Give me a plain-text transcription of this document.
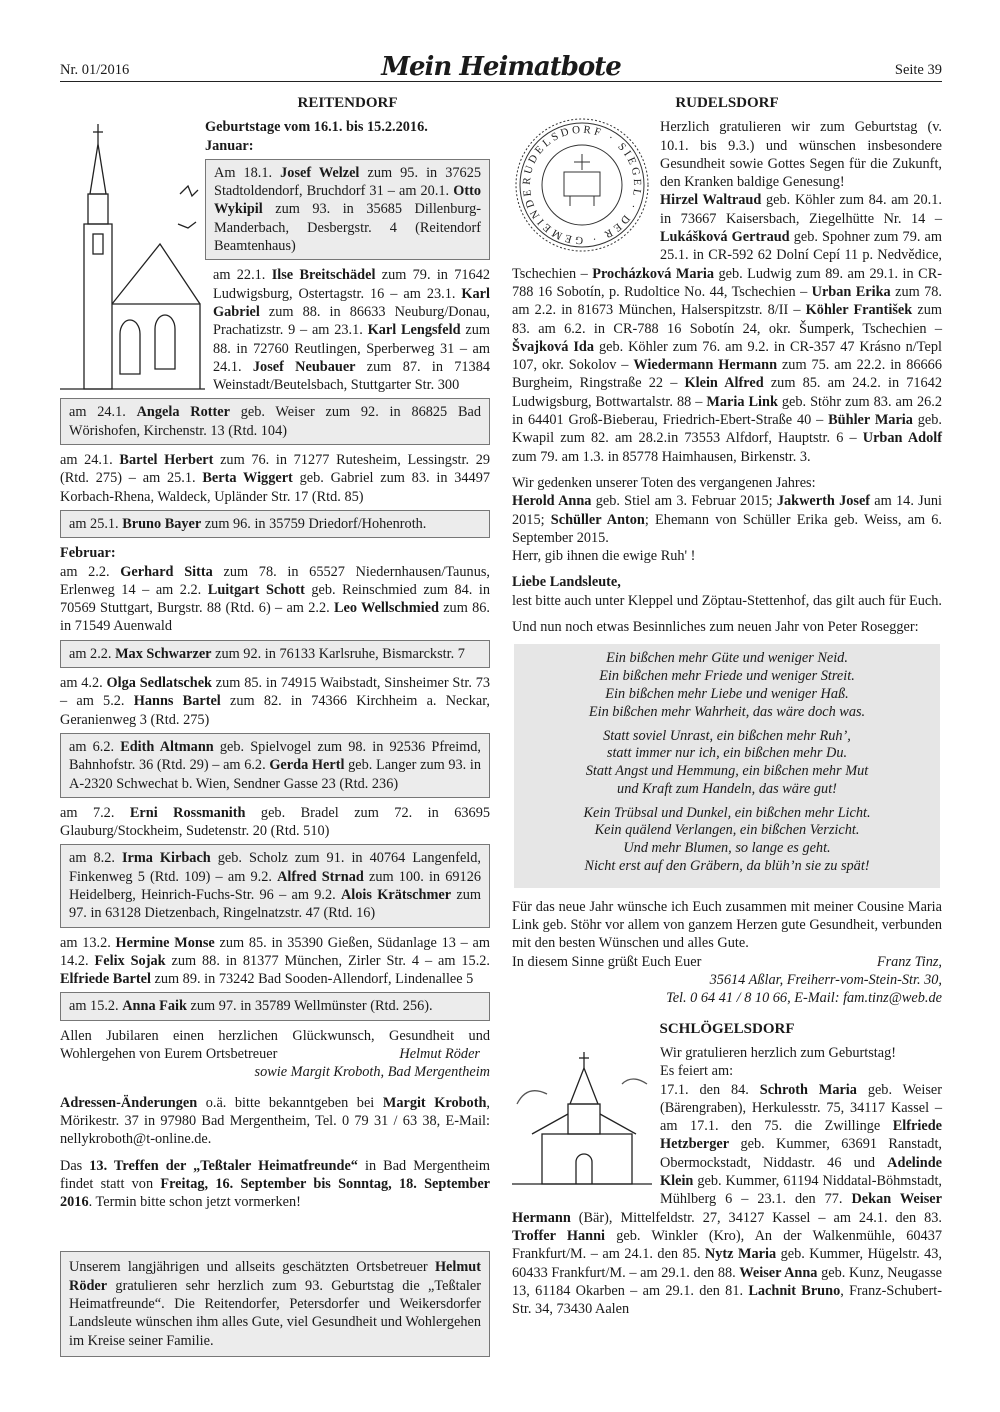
Nr. 01/2016	Mein Heimatbote	Seite 39
REITENDORF

Geburtstage vom 16.1. bis 15.2.2016.

Januar:

Am 18.1. Josef Welzel zum 95. in 37625 Stadtoldendorf, Bruchdorf 31 – am 20.1. Otto Wykipil zum 93. in 35685 Dillenburg-Manderbach, Desbergstr. 4 (Reitendorf Beamtenhaus)

am 22.1. Ilse Breitschädel zum 79. in 71642 Ludwigsburg, Ostertagstr. 16 – am 23.1. Karl Gabriel zum 88. in 86633 Neuburg/Donau, Prachatizstr. 9 – am 23.1. Karl Lengsfeld zum 88. in 72760 Reutlingen, Sperberweg 31 – am 24.1. Josef Neubauer zum 87. in 71384 Weinstadt/Beutelsbach, Stuttgarter Str. 300

am 24.1. Angela Rotter geb. Weiser zum 92. in 86825 Bad Wörishofen, Kirchenstr. 13 (Rtd. 104)

am 24.1. Bartel Herbert zum 76. in 71277 Rutesheim, Lessingstr. 29 (Rtd. 275) – am 25.1. Berta Wiggert geb. Gabriel zum 83. in 34497 Korbach-Rhena, Waldeck, Upländer Str. 17 (Rtd. 85)

am 25.1. Bruno Bayer zum 96. in 35759 Driedorf/Hohenroth.

Februar:

am 2.2. Gerhard Sitta zum 78. in 65527 Niedernhausen/Taunus, Erlenweg 14 – am 2.2. Luitgart Schott geb. Reinschmied zum 84. in 70569 Stuttgart, Burgstr. 88 (Rtd. 6) – am 2.2. Leo Wellschmied zum 86. in 71549 Auenwald

am 2.2. Max Schwarzer zum 92. in 76133 Karlsruhe, Bismarckstr. 7

am 4.2. Olga Sedlatschek zum 85. in 74915 Waibstadt, Sinsheimer Str. 73 – am 5.2. Hanns Bartel zum 82. in 74366 Kirchheim a. Neckar, Geranienweg 3 (Rtd. 275)

am 6.2. Edith Altmann geb. Spielvogel zum 98. in 92536 Pfreimd, Bahnhofstr. 36 (Rtd. 29) – am 6.2. Gerda Hertl geb. Langer zum 93. in A-2320 Schwechat b. Wien, Sendner Gasse 23 (Rtd. 236)

am 7.2. Erni Rossmanith geb. Bradel zum 72. in 63695 Glauburg/Stockheim, Sudetenstr. 20 (Rtd. 510)

am 8.2. Irma Kirbach geb. Scholz zum 91. in 40764 Langenfeld, Finkenweg 5 (Rtd. 109) – am 9.2. Alfred Strnad zum 100. in 69126 Heidelberg, Heinrich-Fuchs-Str. 96 – am 9.2. Alois Krätschmer zum 97. in 63128 Dietzenbach, Ringelnatzstr. 47 (Rtd. 16)

am 13.2. Hermine Monse zum 85. in 35390 Gießen, Südanlage 13 – am 14.2. Felix Sojak zum 88. in 81377 München, Zirler Str. 4 – am 15.2. Elfriede Bartel zum 89. in 73242 Bad Sooden-Allendorf, Lindenallee 5

am 15.2. Anna Faik zum 97. in 35789 Wellmünster (Rtd. 256).

Allen Jubilaren einen herzlichen Glückwunsch, Gesundheit und Wohlergehen von Eurem Ortsbetreuer	Helmut Röder

sowie Margit Kroboth, Bad Mergentheim

Adressen-Änderungen o.ä. bitte bekanntgeben bei Margit Kroboth, Mörikestr. 37 in 97980 Bad Mergentheim, Tel. 0 79 31 / 63 38, E-Mail: nellykroboth@t-online.de.

Das 13. Treffen der „Teßtaler Heimatfreunde“ in Bad Mergentheim findet statt von Freitag, 16. September bis Sonntag, 18. September 2016. Termin bitte schon jetzt vormerken!

Unserem langjährigen und allseits geschätzten Ortsbetreuer Helmut Röder gratulieren sehr herzlich zum 93. Geburtstag die „Teßtaler Heimatfreunde“. Die Reitendorfer, Petersdorfer und Weikersdorfer Landsleute wünschen ihm alles Gute, viel Gesundheit und Wohlergehen im Kreise seiner Familie.
RUDELSDORF
RUDELSDORF · SIEGEL · DER · GEMEINDE

Herzlich gratulieren wir zum Geburtstag (v. 10.1. bis 9.3.) und wünschen insbesondere Gesundheit sowie Gottes Segen für die Zukunft, den Kranken baldige Genesung!

Hirzel Waltraud geb. Köhler zum 84. am 20.1. in 73667 Kaisersbach, Ziegelhütte Nr. 14 – Lukášková Gertraud geb. Spohner zum 79. am 25.1. in CR-592 62 Dolní Cepí 11 p. Nedvědice, Tschechien – Procházková Maria geb. Ludwig zum 89. am 29.1. in CR-788 16 Sobotín, p. Rudoltice No. 44, Tschechien – Urban Erika zum 78. am 2.2. in 81673 München, Halserspitzstr. 8/II – Köhler František zum 83. am 6.2. in CR-788 16 Sobotín 24, okr. Šumperk, Tschechien – Švajková Ida geb. Köhler zum 76. am 9.2. in CR-357 47 Krásno n/Tepl 107, okr. Sokolov – Wiedermann Hermann zum 75. am 22.2. in 86666 Burgheim, Ringstraße 22 – Klein Alfred zum 85. am 24.2. in 71642 Ludwigsburg, Bottwartalstr. 88 – Maria Link geb. Stöhr zum 83. am 26.2 in 64401 Groß-Bieberau, Friedrich-Ebert-Straße 40 – Bühler Maria geb. Kwapil zum 82. am 28.2.in 73553 Alfdorf, Hauptstr. 6 – Urban Adolf zum 79. am 1.3. in 85778 Haimhausen, Birkenstr. 3.

Wir gedenken unserer Toten des vergangenen Jahres:

Herold Anna geb. Stiel am 3. Februar 2015; Jakwerth Josef am 14. Juni 2015; Schüller Anton; Ehemann von Schüller Erika geb. Weiss, am 6. September 2015.

Herr, gib ihnen die ewige Ruh' !

Liebe Landsleute,

lest bitte auch unter Kleppel und Zöptau-Stettenhof, das gilt auch für Euch.

Und nun noch etwas Besinnliches zum neuen Jahr von Peter Rosegger:

Ein bißchen mehr Güte und weniger Neid.
Ein bißchen mehr Friede und weniger Streit.
Ein bißchen mehr Liebe und weniger Haß.
Ein bißchen mehr Wahrheit, das wäre doch was.
Statt soviel Unrast, ein bißchen mehr Ruh’,
statt immer nur ich, ein bißchen mehr Du.
Statt Angst und Hemmung, ein bißchen mehr Mut
und Kraft zum Handeln, das wäre gut!
Kein Trübsal und Dunkel, ein bißchen mehr Licht.
Kein quälend Verlangen, ein bißchen Verzicht.
Und mehr Blumen, so lange es geht.
Nicht erst auf den Gräbern, da blüh’n sie zu spät!

Für das neue Jahr wünsche ich Euch zusammen mit meiner Cousine Maria Link geb. Stöhr vor allem von ganzem Herzen gute Gesundheit, verbunden mit den besten Wünschen und alles Gute.

In diesem Sinne grüßt Euch Euer	Franz Tinz,

35614 Aßlar, Freiherr-vom-Stein-Str. 30,

Tel. 0 64 41 / 8 10 66, E-Mail: fam.tinz@web.de

SCHLÖGELSDORF

Wir gratulieren herzlich zum Geburtstag!

Es feiert am:

17.1. den 84. Schroth Maria geb. Weiser (Bärengraben), Herkulesstr. 75, 34117 Kassel – am 17.1. den 75. die Zwillinge Elfriede Hetzberger geb. Kummer, 63691 Ranstadt, Obermockstadt, Niddastr. 46 und Adelinde Klein geb. Kummer, 61194 Niddatal-Böhmstadt, Mühlberg 6 – 23.1. den 77. Dekan Weiser Hermann (Bär), Mittelfeldstr. 27, 34127 Kassel – am 24.1. den 83. Troffer Hanni geb. Winkler (Kro), An der Walkenmühle, 60437 Frankfurt/M. – am 24.1. den 85. Nytz Maria geb. Kummer, Hügelstr. 43, 60433 Frankfurt/M. – am 29.1. den 88. Weiser Anna geb. Kunz, Neugasse 13, 61184 Okarben – am 29.1. den 81. Lachnit Bruno, Franz-Schubert-Str. 34, 73430 Aalen
